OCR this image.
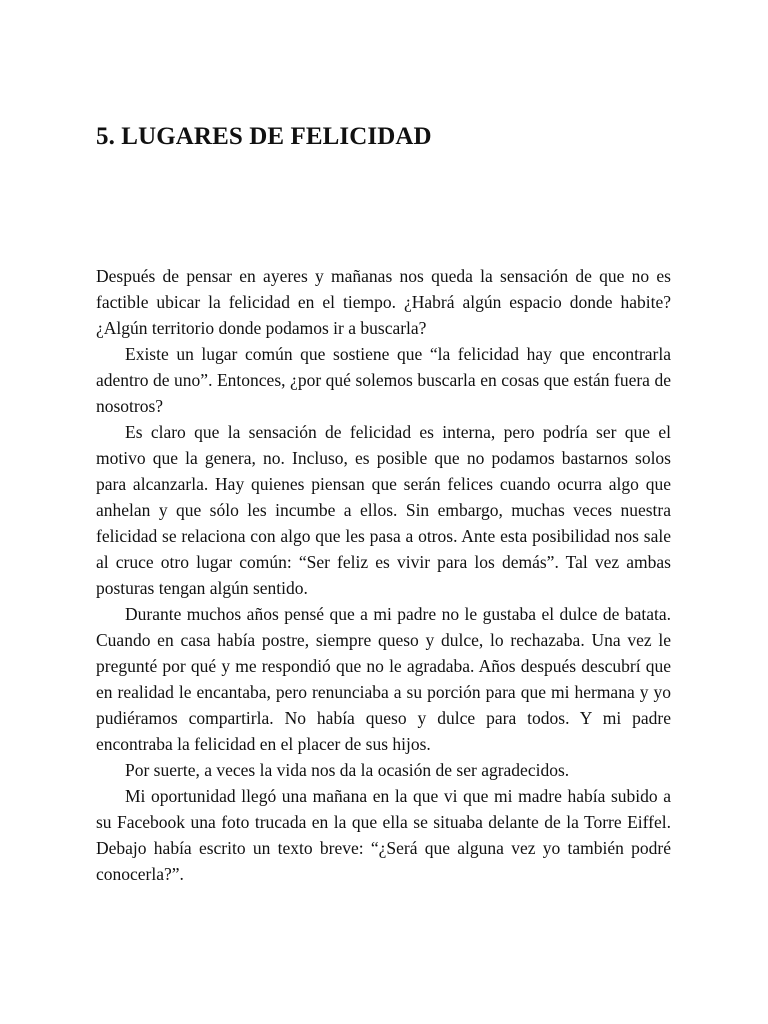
5. LUGARES DE FELICIDAD

Después de pensar en ayeres y mañanas nos queda la sensación de que no es factible ubicar la felicidad en el tiempo. ¿Habrá algún espacio donde habite? ¿Algún territorio donde podamos ir a buscarla?

Existe un lugar común que sostiene que “la felicidad hay que encontrarla adentro de uno”. Entonces, ¿por qué solemos buscarla en cosas que están fuera de nosotros?

Es claro que la sensación de felicidad es interna, pero podría ser que el motivo que la genera, no. Incluso, es posible que no podamos bastarnos solos para alcanzarla. Hay quienes piensan que serán felices cuando ocurra algo que anhelan y que sólo les incumbe a ellos. Sin embargo, muchas veces nuestra felicidad se relaciona con algo que les pasa a otros. Ante esta posibilidad nos sale al cruce otro lugar común: “Ser feliz es vivir para los demás”. Tal vez ambas posturas tengan algún sentido.

Durante muchos años pensé que a mi padre no le gustaba el dulce de batata. Cuando en casa había postre, siempre queso y dulce, lo rechazaba. Una vez le pregunté por qué y me respondió que no le agradaba. Años después descubrí que en realidad le encantaba, pero renunciaba a su porción para que mi hermana y yo pudiéramos compartirla. No había queso y dulce para todos. Y mi padre encontraba la felicidad en el placer de sus hijos.

Por suerte, a veces la vida nos da la ocasión de ser agradecidos.

Mi oportunidad llegó una mañana en la que vi que mi madre había subido a su Facebook una foto trucada en la que ella se situaba delante de la Torre Eiffel. Debajo había escrito un texto breve: “¿Será que alguna vez yo también podré conocerla?”.
